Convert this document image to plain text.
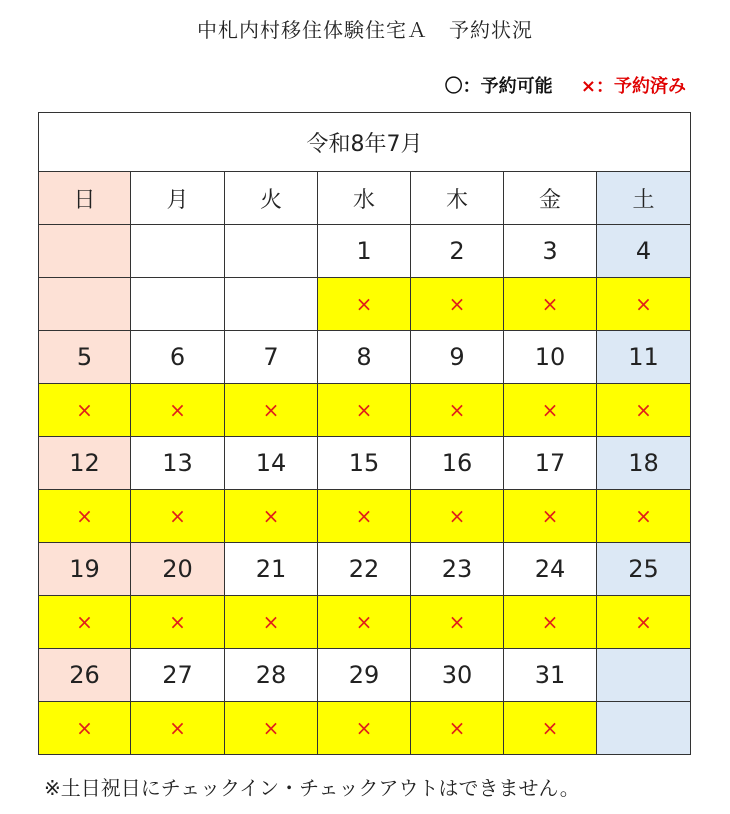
中札内村移住体験住宅Ａ　予約状況
〇：予約可能 ×：予約済み
令和8年7月						
日	月	火	水	木	金	土
			1	2	3	4
			×	×	×	×
5	6	7	8	9	10	11
×	×	×	×	×	×	×
12	13	14	15	16	17	18
×	×	×	×	×	×	×
19	20	21	22	23	24	25
×	×	×	×	×	×	×
26	27	28	29	30	31	
×	×	×	×	×	×	
※土日祝日にチェックイン・チェックアウトはできません。
